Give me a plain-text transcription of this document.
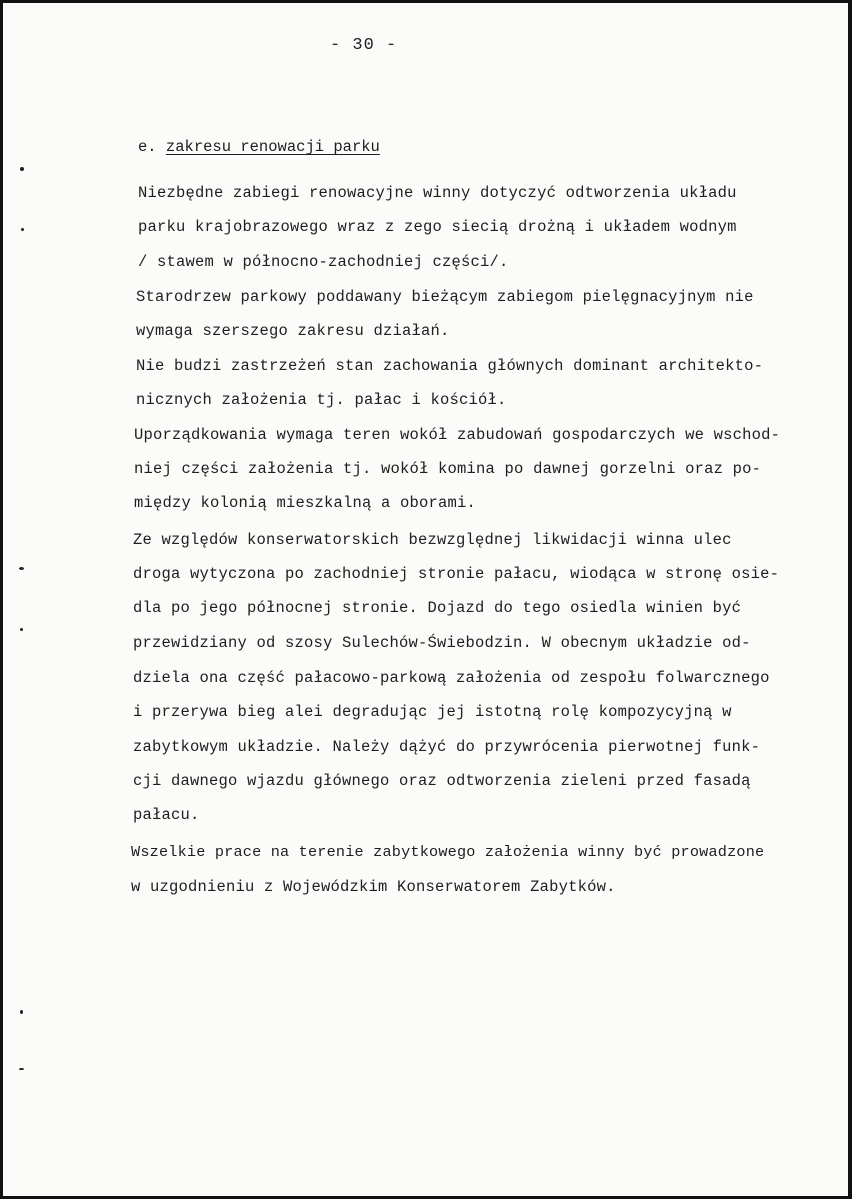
- 30 -
e. zakresu renowacji parku
Niezbędne zabiegi renowacyjne winny dotyczyć odtworzenia układu
parku krajobrazowego wraz z zego siecią drożną i układem wodnym
/ stawem w północno-zachodniej części/.
Starodrzew parkowy poddawany bieżącym zabiegom pielęgnacyjnym nie
wymaga szerszego zakresu działań.
Nie budzi zastrzeżeń stan zachowania głównych dominant architekto-
nicznych założenia tj. pałac i kościół.
Uporządkowania wymaga teren wokół zabudowań gospodarczych we wschod-
niej części założenia tj. wokół komina po dawnej gorzelni oraz po-
między kolonią mieszkalną a oborami.
Ze względów konserwatorskich bezwzględnej likwidacji winna ulec
droga wytyczona po zachodniej stronie pałacu, wiodąca w stronę osie-
dla po jego północnej stronie. Dojazd do tego osiedla winien być
przewidziany od szosy Sulechów-Świebodzin. W obecnym układzie od-
dziela ona część pałacowo-parkową założenia od zespołu folwarcznego
i przerywa bieg alei degradując jej istotną rolę kompozycyjną w
zabytkowym układzie. Należy dążyć do przywrócenia pierwotnej funk-
cji dawnego wjazdu głównego oraz odtworzenia zieleni przed fasadą
pałacu.
Wszelkie prace na terenie zabytkowego założenia winny być prowadzone
w uzgodnieniu z Wojewódzkim Konserwatorem Zabytków.
